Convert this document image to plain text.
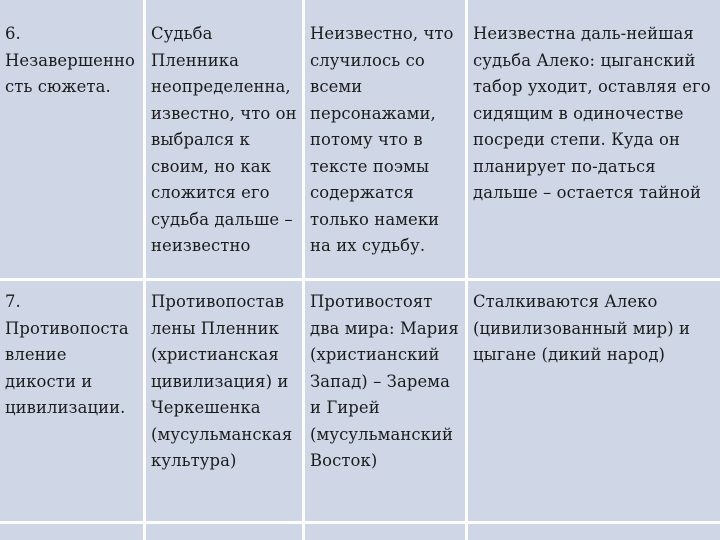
6.
Незавершенно
сть сюжета.
Судьба
Пленника
неопределенна,
известно, что он
выбрался к
своим, но как
сложится его
судьба дальше –
неизвестно
Неизвестно, что
случилось со
всеми
персонажами,
потому что в
тексте поэмы
содержатся
только намеки
на их судьбу.
Неизвестна даль-нейшая
судьба Алеко: цыганский
табор уходит, оставляя его
сидящим в одиночестве
посреди степи. Куда он
планирует по-даться
дальше – остается тайной
7.
Противопоста
вление
дикости и
цивилизации.
Противопостав
лены Пленник
(христианская
цивилизация) и
Черкешенка
(мусульманская
культура)
Противостоят
два мира: Мария
(христианский
Запад) – Зарема
и Гирей
(мусульманский
Восток)
Сталкиваются Алеко
(цивилизованный мир) и
цыгане (дикий народ)
